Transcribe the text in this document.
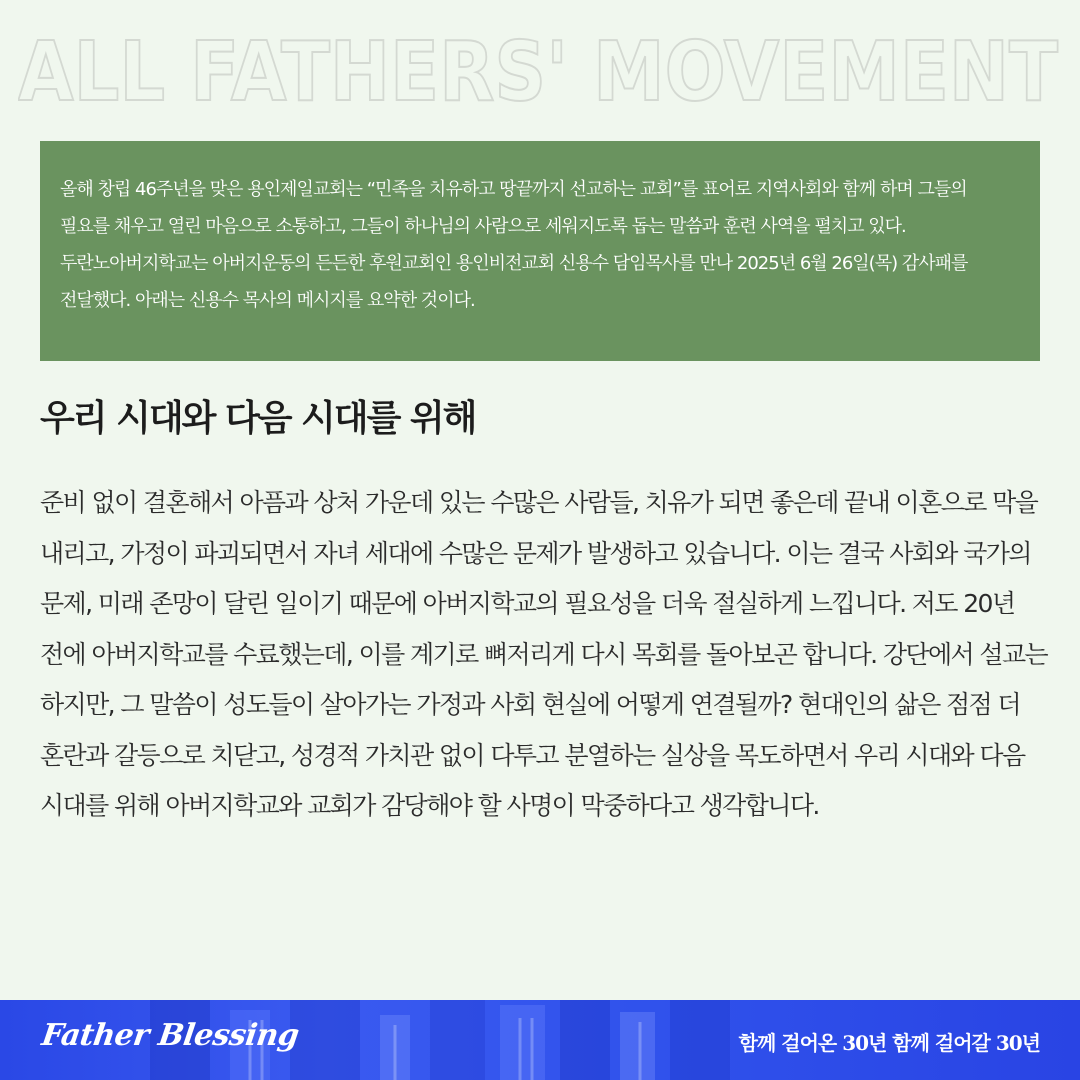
ALL FATHERS' MOVEMENT

올해 창립 46주년을 맞은 용인제일교회는 “민족을 치유하고 땅끝까지 선교하는 교회”를 표어로 지역사회와 함께 하며 그들의 필요를 채우고 열린 마음으로 소통하고, 그들이 하나님의 사람으로 세워지도록 돕는 말씀과 훈련 사역을 펼치고 있다. 두란노아버지학교는 아버지운동의 든든한 후원교회인 용인비전교회 신용수 담임목사를 만나 2025년 6월 26일(목) 감사패를 전달했다. 아래는 신용수 목사의 메시지를 요약한 것이다.

우리 시대와 다음 시대를 위해

준비 없이 결혼해서 아픔과 상처 가운데 있는 수많은 사람들, 치유가 되면 좋은데 끝내 이혼으로 막을 내리고, 가정이 파괴되면서 자녀 세대에 수많은 문제가 발생하고 있습니다. 이는 결국 사회와 국가의 문제, 미래 존망이 달린 일이기 때문에 아버지학교의 필요성을 더욱 절실하게 느낍니다. 저도 20년 전에 아버지학교를 수료했는데, 이를 계기로 뼈저리게 다시 목회를 돌아보곤 합니다. 강단에서 설교는 하지만, 그 말씀이 성도들이 살아가는 가정과 사회 현실에 어떻게 연결될까? 현대인의 삶은 점점 더 혼란과 갈등으로 치닫고, 성경적 가치관 없이 다투고 분열하는 실상을 목도하면서 우리 시대와 다음 시대를 위해 아버지학교와 교회가 감당해야 할 사명이 막중하다고 생각합니다.

Father Blessing	함께 걸어온 30년 함께 걸어갈 30년
